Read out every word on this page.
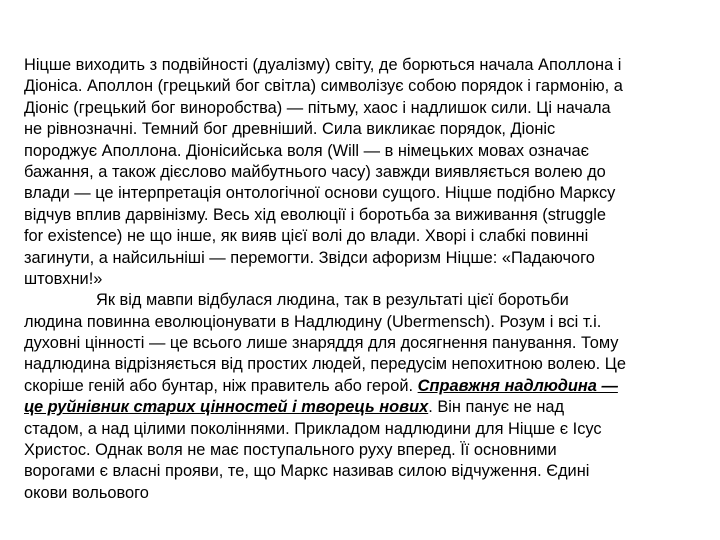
Ніцше виходить з подвійності (дуалізму) світу, де борються начала Аполлона і
Діоніса. Аполлон (грецький бог світла) символізує собою порядок і гармонію, а
Діоніс (грецький бог виноробства) — пітьму, хаос і надлишок сили. Ці начала
не рівнозначні. Темний бог древніший. Сила викликає порядок, Діоніс
породжує Аполлона. Діонісийська воля (Will — в німецьких мовах означає
бажання, а також дієслово майбутнього часу) завжди виявляється волею до
влади — це інтерпретація онтологічної основи сущого. Ніцше подібно Марксу
відчув вплив дарвінізму. Весь хід еволюції і боротьба за виживання (struggle
for existence) не що інше, як вияв цієї волі до влади. Хворі і слабкі повинні
загинути, а найсильніші — перемогти. Звідси афоризм Ніцше: «Падаючого
штовхни!»
Як від мавпи відбулася людина, так в результаті цієї боротьби
людина повинна еволюціонувати в Надлюдину (Ubermensch). Розум і всі т.і.
духовні цінності — це всього лише знаряддя для досягнення панування. Тому
надлюдина відрізняється від простих людей, передусім непохитною волею. Це
скоріше геній або бунтар, ніж правитель або герой. Справжня надлюдина —
це руйнівник старих цінностей і творець нових. Він панує не над
стадом, а над цілими поколіннями. Прикладом надлюдини для Ніцше є Ісус
Христос. Однак воля не має поступального руху вперед. Її основними
ворогами є власні прояви, те, що Маркс називав силою відчуження. Єдині
окови вольового
